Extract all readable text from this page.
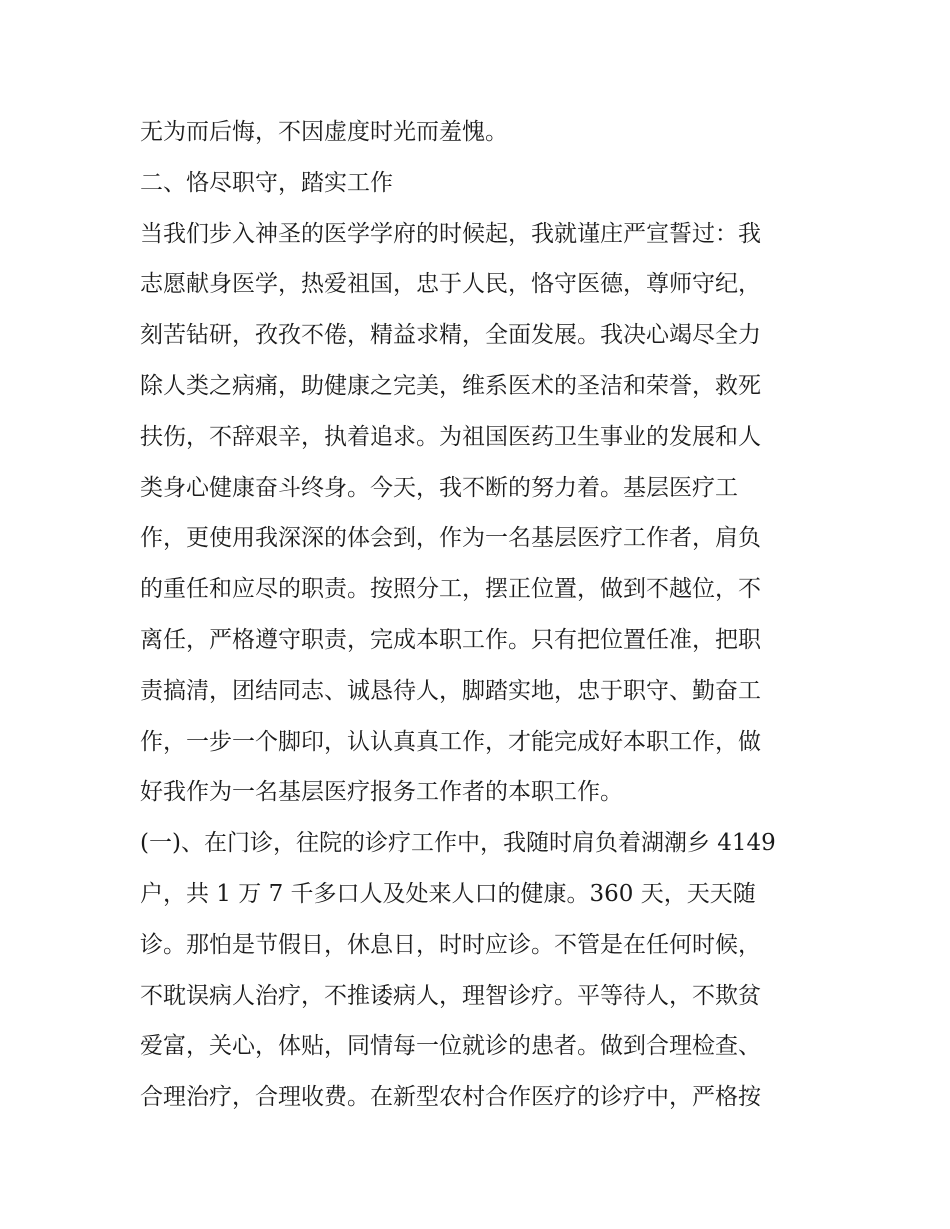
无为而后悔，不因虚度时光而羞愧。
二、恪尽职守，踏实工作
当我们步入神圣的医学学府的时候起，我就谨庄严宣誓过：我
志愿献身医学，热爱祖国，忠于人民，恪守医德，尊师守纪，
刻苦钻研，孜孜不倦，精益求精，全面发展。我决心竭尽全力
除人类之病痛，助健康之完美，维系医术的圣洁和荣誉，救死
扶伤，不辞艰辛，执着追求。为祖国医药卫生事业的发展和人
类身心健康奋斗终身。今天，我不断的努力着。基层医疗工
作，更使用我深深的体会到，作为一名基层医疗工作者，肩负
的重任和应尽的职责。按照分工，摆正位置，做到不越位，不
离任，严格遵守职责，完成本职工作。只有把位置任准，把职
责搞清，团结同志、诚恳待人，脚踏实地，忠于职守、勤奋工
作，一步一个脚印，认认真真工作，才能完成好本职工作，做
好我作为一名基层医疗报务工作者的本职工作。
(一)、在门诊，往院的诊疗工作中，我随时肩负着湖潮乡 4149
户，共 1 万 7 千多口人及处来人口的健康。360 天，天天随
诊。那怕是节假日，休息日，时时应诊。不管是在任何时候，
不耽误病人治疗，不推诿病人，理智诊疗。平等待人，不欺贫
爱富，关心，体贴，同情每一位就诊的患者。做到合理检查、
合理治疗，合理收费。在新型农村合作医疗的诊疗中，严格按
